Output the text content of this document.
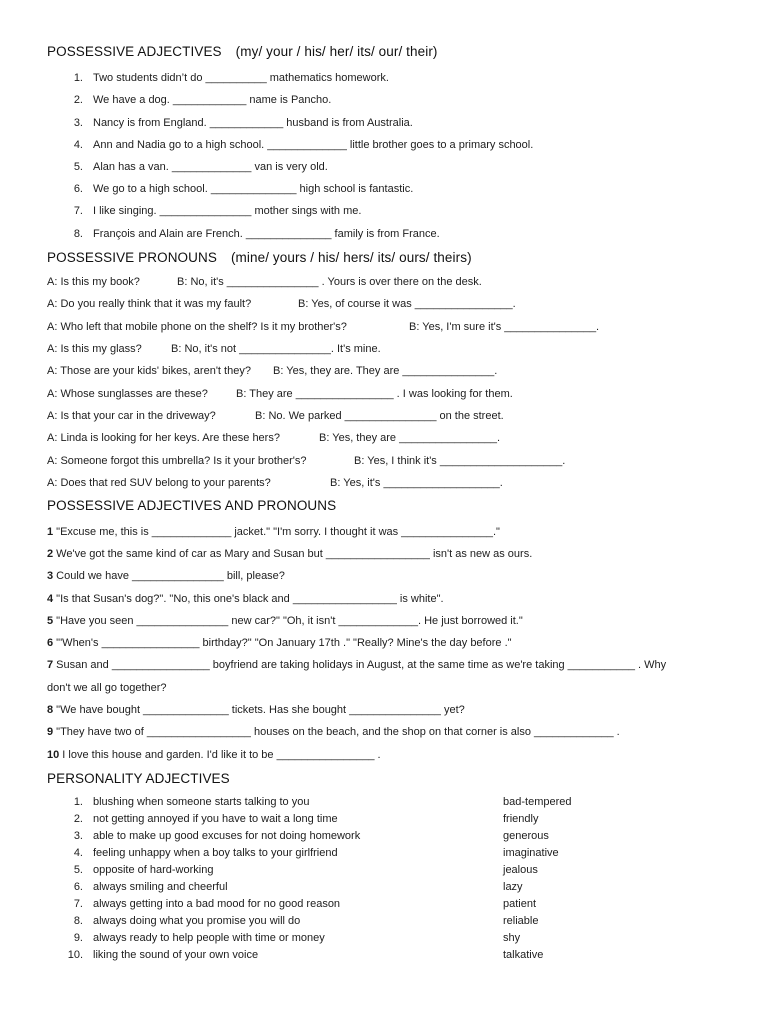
POSSESSIVE ADJECTIVES (my/ your / his/ her/ its/ our/ their)
1. Two students didn’t do __________ mathematics homework.
2. We have a dog. ____________ name is Pancho.
3. Nancy is from England. ____________ husband is from Australia.
4. Ann and Nadia go to a high school. _____________ little brother goes to a primary school.
5. Alan has a van. _____________ van is very old.
6. We go to a high school. ______________ high school is fantastic.
7. I like singing. _______________ mother sings with me.
8. François and Alain are French. ______________ family is from France.
POSSESSIVE PRONOUNS (mine/ yours / his/ hers/ its/ ours/ theirs)
A: Is this my book?	B: No, it's _______________ . Yours is over there on the desk.
A: Do you really think that it was my fault?	B: Yes, of course it was ________________.
A: Who left that mobile phone on the shelf? Is it my brother's?	B: Yes, I'm sure it's _______________.
A: Is this my glass?	B: No, it's not _______________. It's mine.
A: Those are your kids' bikes, aren't they? B: Yes, they are. They are _______________.
A: Whose sunglasses are these?	B: They are ________________ . I was looking for them.
A: Is that your car in the driveway?	B: No. We parked _______________ on the street.
A: Linda is looking for her keys. Are these hers?	B: Yes, they are ________________.
A: Someone forgot this umbrella? Is it your brother's?	B: Yes, I think it's ____________________.
A: Does that red SUV belong to your parents?	B: Yes, it's ___________________.
POSSESSIVE ADJECTIVES AND PRONOUNS
1 "Excuse me, this is _____________ jacket." "I'm sorry. I thought it was _______________."
2 We've got the same kind of car as Mary and Susan but _________________ isn't as new as ours.
3 Could we have _______________ bill, please?
4 "Is that Susan's dog?". "No, this one's black and _________________ is white".
5 "Have you seen _______________ new car?" "Oh, it isn't _____________. He just borrowed it."
6 "'When's ________________ birthday?" "On January 17th ." "Really? Mine's the day before ."
7 Susan and ________________ boyfriend are taking holidays in August, at the same time as we're taking ___________ . Why
don't we all go together?
8 "We have bought ______________ tickets. Has she bought _______________ yet?
9 "They have two of _________________ houses on the beach, and the shop on that corner is also _____________ .
10 I love this house and garden. I'd like it to be ________________ .
PERSONALITY ADJECTIVES
1. blushing when someone starts talking to you	bad-tempered
2. not getting annoyed if you have to wait a long time	friendly
3. able to make up good excuses for not doing homework	generous
4. feeling unhappy when a boy talks to your girlfriend	imaginative
5. opposite of hard-working	jealous
6. always smiling and cheerful	lazy
7. always getting into a bad mood for no good reason	patient
8. always doing what you promise you will do	reliable
9. always ready to help people with time or money	shy
10. liking the sound of your own voice	talkative
